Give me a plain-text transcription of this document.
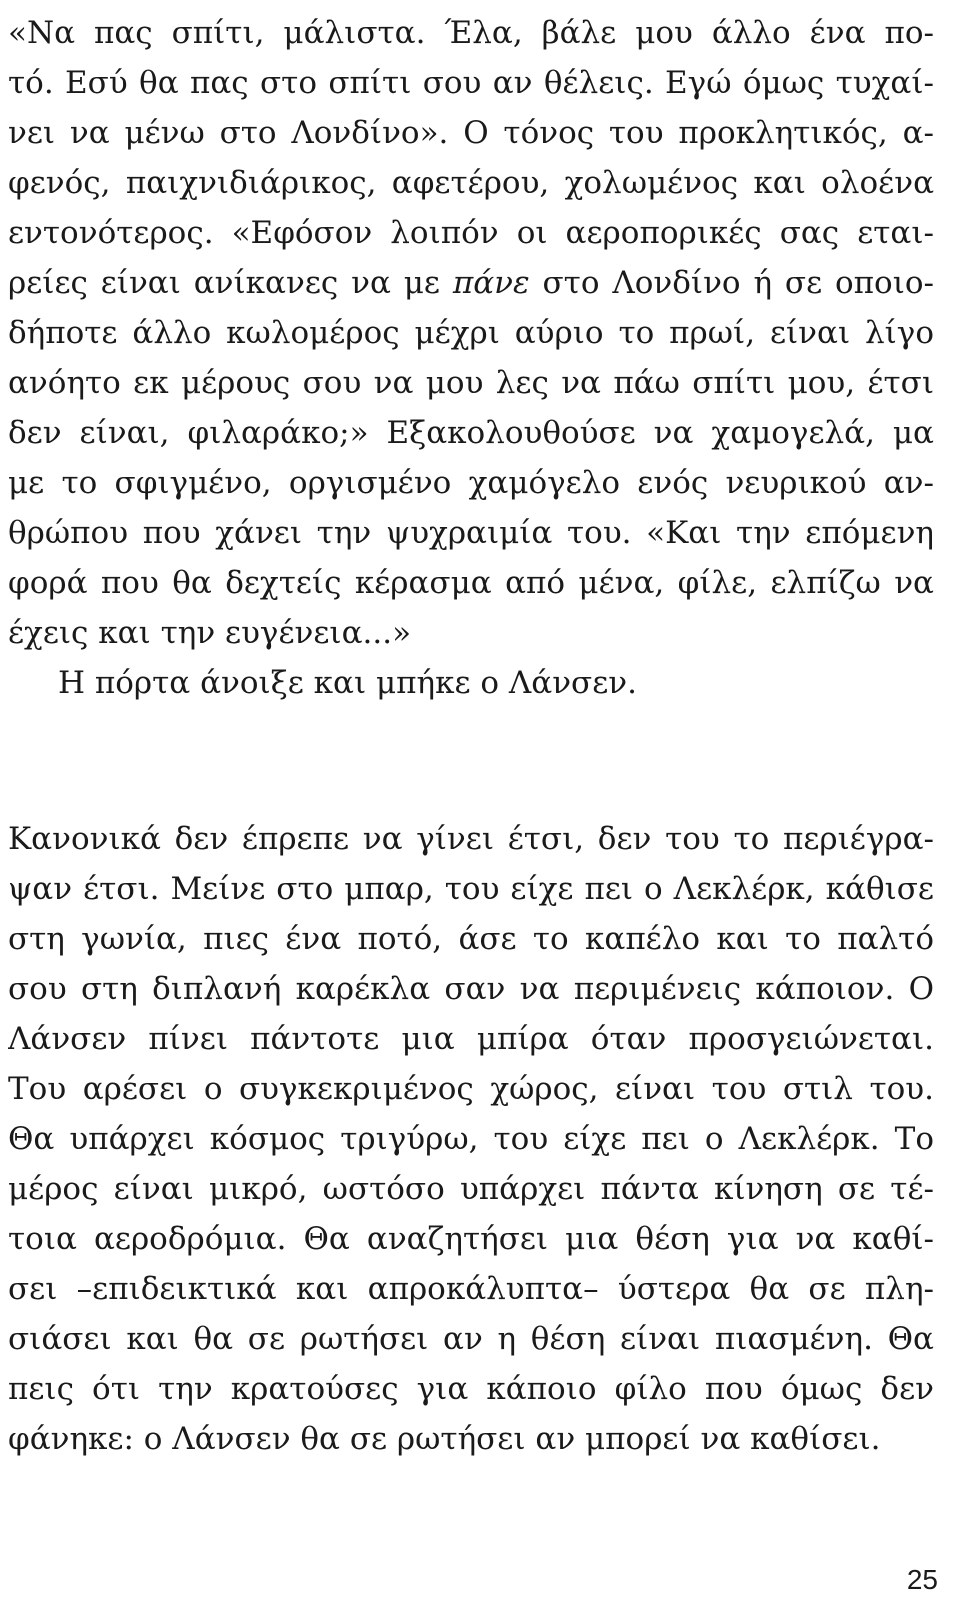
«Να πας σπίτι, μάλιστα. Έλα, βάλε μου άλλο ένα πο-
τό. Εσύ θα πας στο σπίτι σου αν θέλεις. Εγώ όμως τυχαί-
νει να μένω στο Λονδίνο». Ο τόνος του προκλητικός, α-
φενός, παιχνιδιάρικος, αφετέρου, χολωμένος και ολοένα
εντονότερος. «Εφόσον λοιπόν οι αεροπορικές σας εται-
ρείες είναι ανίκανες να με πάνε στο Λονδίνο ή σε οποιο-
δήποτε άλλο κωλομέρος μέχρι αύριο το πρωί, είναι λίγο
ανόητο εκ μέρους σου να μου λες να πάω σπίτι μου, έτσι
δεν είναι, φιλαράκο;» Εξακολουθούσε να χαμογελά, μα
με το σφιγμένο, οργισμένο χαμόγελο ενός νευρικού αν-
θρώπου που χάνει την ψυχραιμία του. «Και την επόμενη
φορά που θα δεχτείς κέρασμα από μένα, φίλε, ελπίζω να
έχεις και την ευγένεια...»
Η πόρτα άνοιξε και μπήκε ο Λάνσεν.
Κανονικά δεν έπρεπε να γίνει έτσι, δεν του το περιέγρα-
ψαν έτσι. Μείνε στο μπαρ, του είχε πει ο Λεκλέρκ, κάθισε
στη γωνία, πιες ένα ποτό, άσε το καπέλο και το παλτό
σου στη διπλανή καρέκλα σαν να περιμένεις κάποιον. Ο
Λάνσεν πίνει πάντοτε μια μπίρα όταν προσγειώνεται.
Του αρέσει ο συγκεκριμένος χώρος, είναι του στιλ του.
Θα υπάρχει κόσμος τριγύρω, του είχε πει ο Λεκλέρκ. Το
μέρος είναι μικρό, ωστόσο υπάρχει πάντα κίνηση σε τέ-
τοια αεροδρόμια. Θα αναζητήσει μια θέση για να καθί-
σει –επιδεικτικά και απροκάλυπτα– ύστερα θα σε πλη-
σιάσει και θα σε ρωτήσει αν η θέση είναι πιασμένη. Θα
πεις ότι την κρατούσες για κάποιο φίλο που όμως δεν
φάνηκε: ο Λάνσεν θα σε ρωτήσει αν μπορεί να καθίσει.
25
